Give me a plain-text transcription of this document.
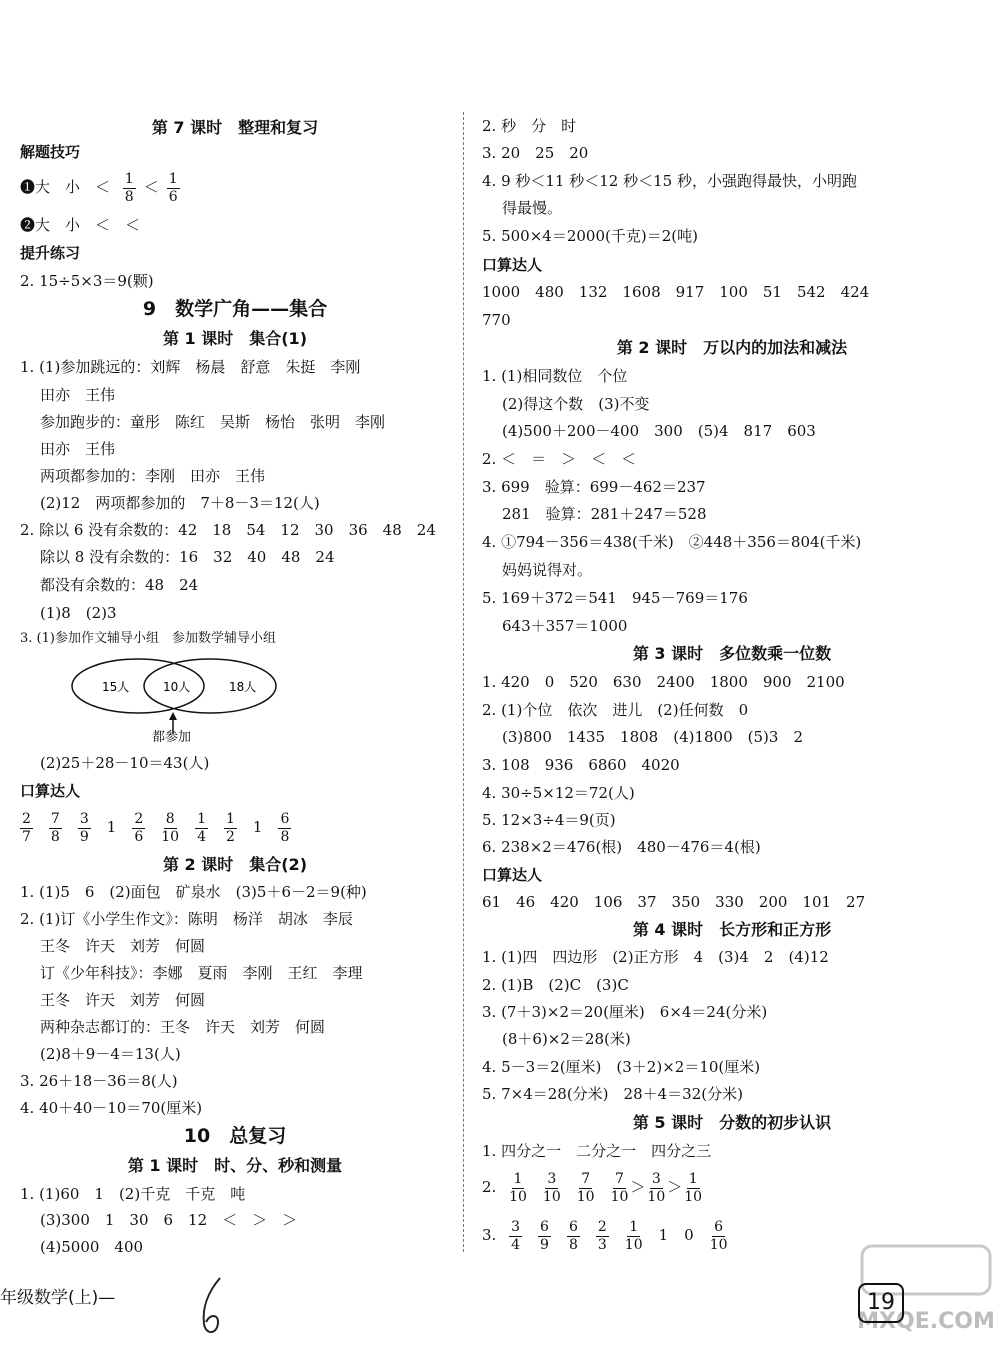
第 7 课时　整理和复习
解题技巧
❶大　小　＜ $\frac{1}{8} < \frac{1}{6}$
❷大　小　＜　＜
提升练习
2. 15÷5×3＝9(颗)
9　数学广角——集合
第 1 课时　集合(1)
1. (1)参加跳远的：刘辉　杨晨　舒意　朱挺　李刚
田亦　王伟
参加跑步的：童彤　陈红　吴斯　杨怡　张明　李刚
田亦　王伟
两项都参加的：李刚　田亦　王伟
(2)12　两项都参加的　7＋8－3＝12(人)
2. 除以 6 没有余数的：42　18　54　12　30　36　48　24
除以 8 没有余数的：16　32　40　48　24
都没有余数的：48　24
(1)8　(2)3
3. (1)参加作文辅导小组　参加数学辅导小组
15人	10人	18人
都参加
(2)25＋28－10＝43(人)
口算达人
$\frac{2}{7} \frac{7}{8} \frac{3}{9} 1 \frac{2}{6} \frac{8}{10} \frac{1}{4} \frac{1}{2} 1 \frac{6}{8}$
第 2 课时　集合(2)
1. (1)5　6　(2)面包　矿泉水　(3)5＋6－2＝9(种)
2. (1)订《小学生作文》：陈明　杨洋　胡冰　李辰
王冬　许天　刘芳　何圆
订《少年科技》：李娜　夏雨　李刚　王红　李理
王冬　许天　刘芳　何圆
两种杂志都订的：王冬　许天　刘芳　何圆
(2)8＋9－4＝13(人)
3. 26＋18－36＝8(人)
4. 40＋40－10＝70(厘米)
10　总复习
第 1 课时　时、分、秒和测量
1. (1)60　1　(2)千克　千克　吨
(3)300　1　30　6　12　＜　＞　＞
(4)5000　400
2. 秒　分　时
3. 20　25　20
4. 9 秒＜11 秒＜12 秒＜15 秒，小强跑得最快，小明跑
得最慢。
5. 500×4＝2000(千克)＝2(吨)
口算达人
1000　480　132　1608　917　100　51　542　424
770
第 2 课时　万以内的加法和减法
1. (1)相同数位　个位
(2)得这个数　(3)不变
(4)500＋200－400　300　(5)4　817　603
2. ＜　＝　＞　＜　＜
3. 699　验算：699－462＝237
281　验算：281＋247＝528
4. ①794－356＝438(千米)　②448＋356＝804(千米)
妈妈说得对。
5. 169＋372＝541　945－769＝176
643＋357＝1000
第 3 课时　多位数乘一位数
1. 420　0　520　630　2400　1800　900　2100
2. (1)个位　依次　进儿　(2)任何数　0
(3)800　1435　1808　(4)1800　(5)3　2
3. 108　936　6860　4020
4. 30÷5×12＝72(人)
5. 12×3÷4＝9(页)
6. 238×2＝476(根)　480－476＝4(根)
口算达人
61　46　420　106　37　350　330　200　101　27
第 4 课时　长方形和正方形
1. (1)四　四边形　(2)正方形　4　(3)4　2　(4)12
2. (1)B　(2)C　(3)C
3. (7＋3)×2＝20(厘米)　6×4＝24(分米)
(8＋6)×2＝28(米)
4. 5－3＝2(厘米)　(3＋2)×2＝10(厘米)
5. 7×4＝28(分米)　28＋4＝32(分米)
第 5 课时　分数的初步认识
1. 四分之一　二分之一　四分之三
2. $\frac{1}{10} \frac{3}{10} \frac{7}{10} \frac{7}{10} > \frac{3}{10} > \frac{1}{10}$
3. $\frac{3}{4} \frac{6}{9} \frac{6}{8} \frac{2}{3} \frac{1}{10} 1$ $0 \frac{6}{10}$
年级数学(上)—
MXQE.COM
19
